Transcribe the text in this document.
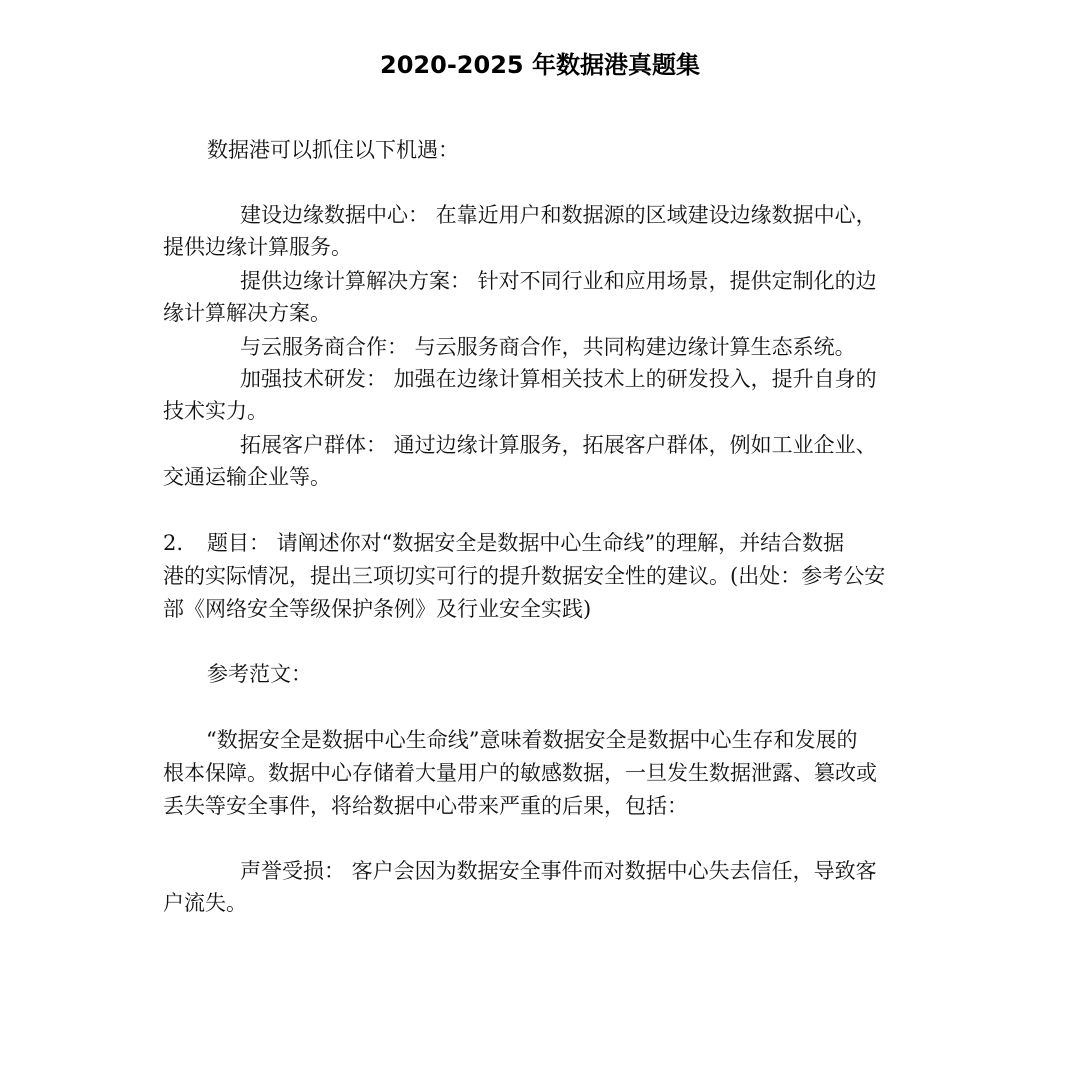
2020-2025 年数据港真题集
数据港可以抓住以下机遇：
建设边缘数据中心： 在靠近用户和数据源的区域建设边缘数据中心，
提供边缘计算服务。
提供边缘计算解决方案： 针对不同行业和应用场景，提供定制化的边
缘计算解决方案。
与云服务商合作： 与云服务商合作，共同构建边缘计算生态系统。
加强技术研发： 加强在边缘计算相关技术上的研发投入，提升自身的
技术实力。
拓展客户群体： 通过边缘计算服务，拓展客户群体，例如工业企业、
交通运输企业等。
2. 题目： 请阐述你对“数据安全是数据中心生命线”的理解，并结合数据
港的实际情况，提出三项切实可行的提升数据安全性的建议。(出处：参考公安
部《网络安全等级保护条例》及行业安全实践)
参考范文：
“数据安全是数据中心生命线”意味着数据安全是数据中心生存和发展的
根本保障。数据中心存储着大量用户的敏感数据，一旦发生数据泄露、篡改或
丢失等安全事件，将给数据中心带来严重的后果，包括：
声誉受损： 客户会因为数据安全事件而对数据中心失去信任，导致客
户流失。
